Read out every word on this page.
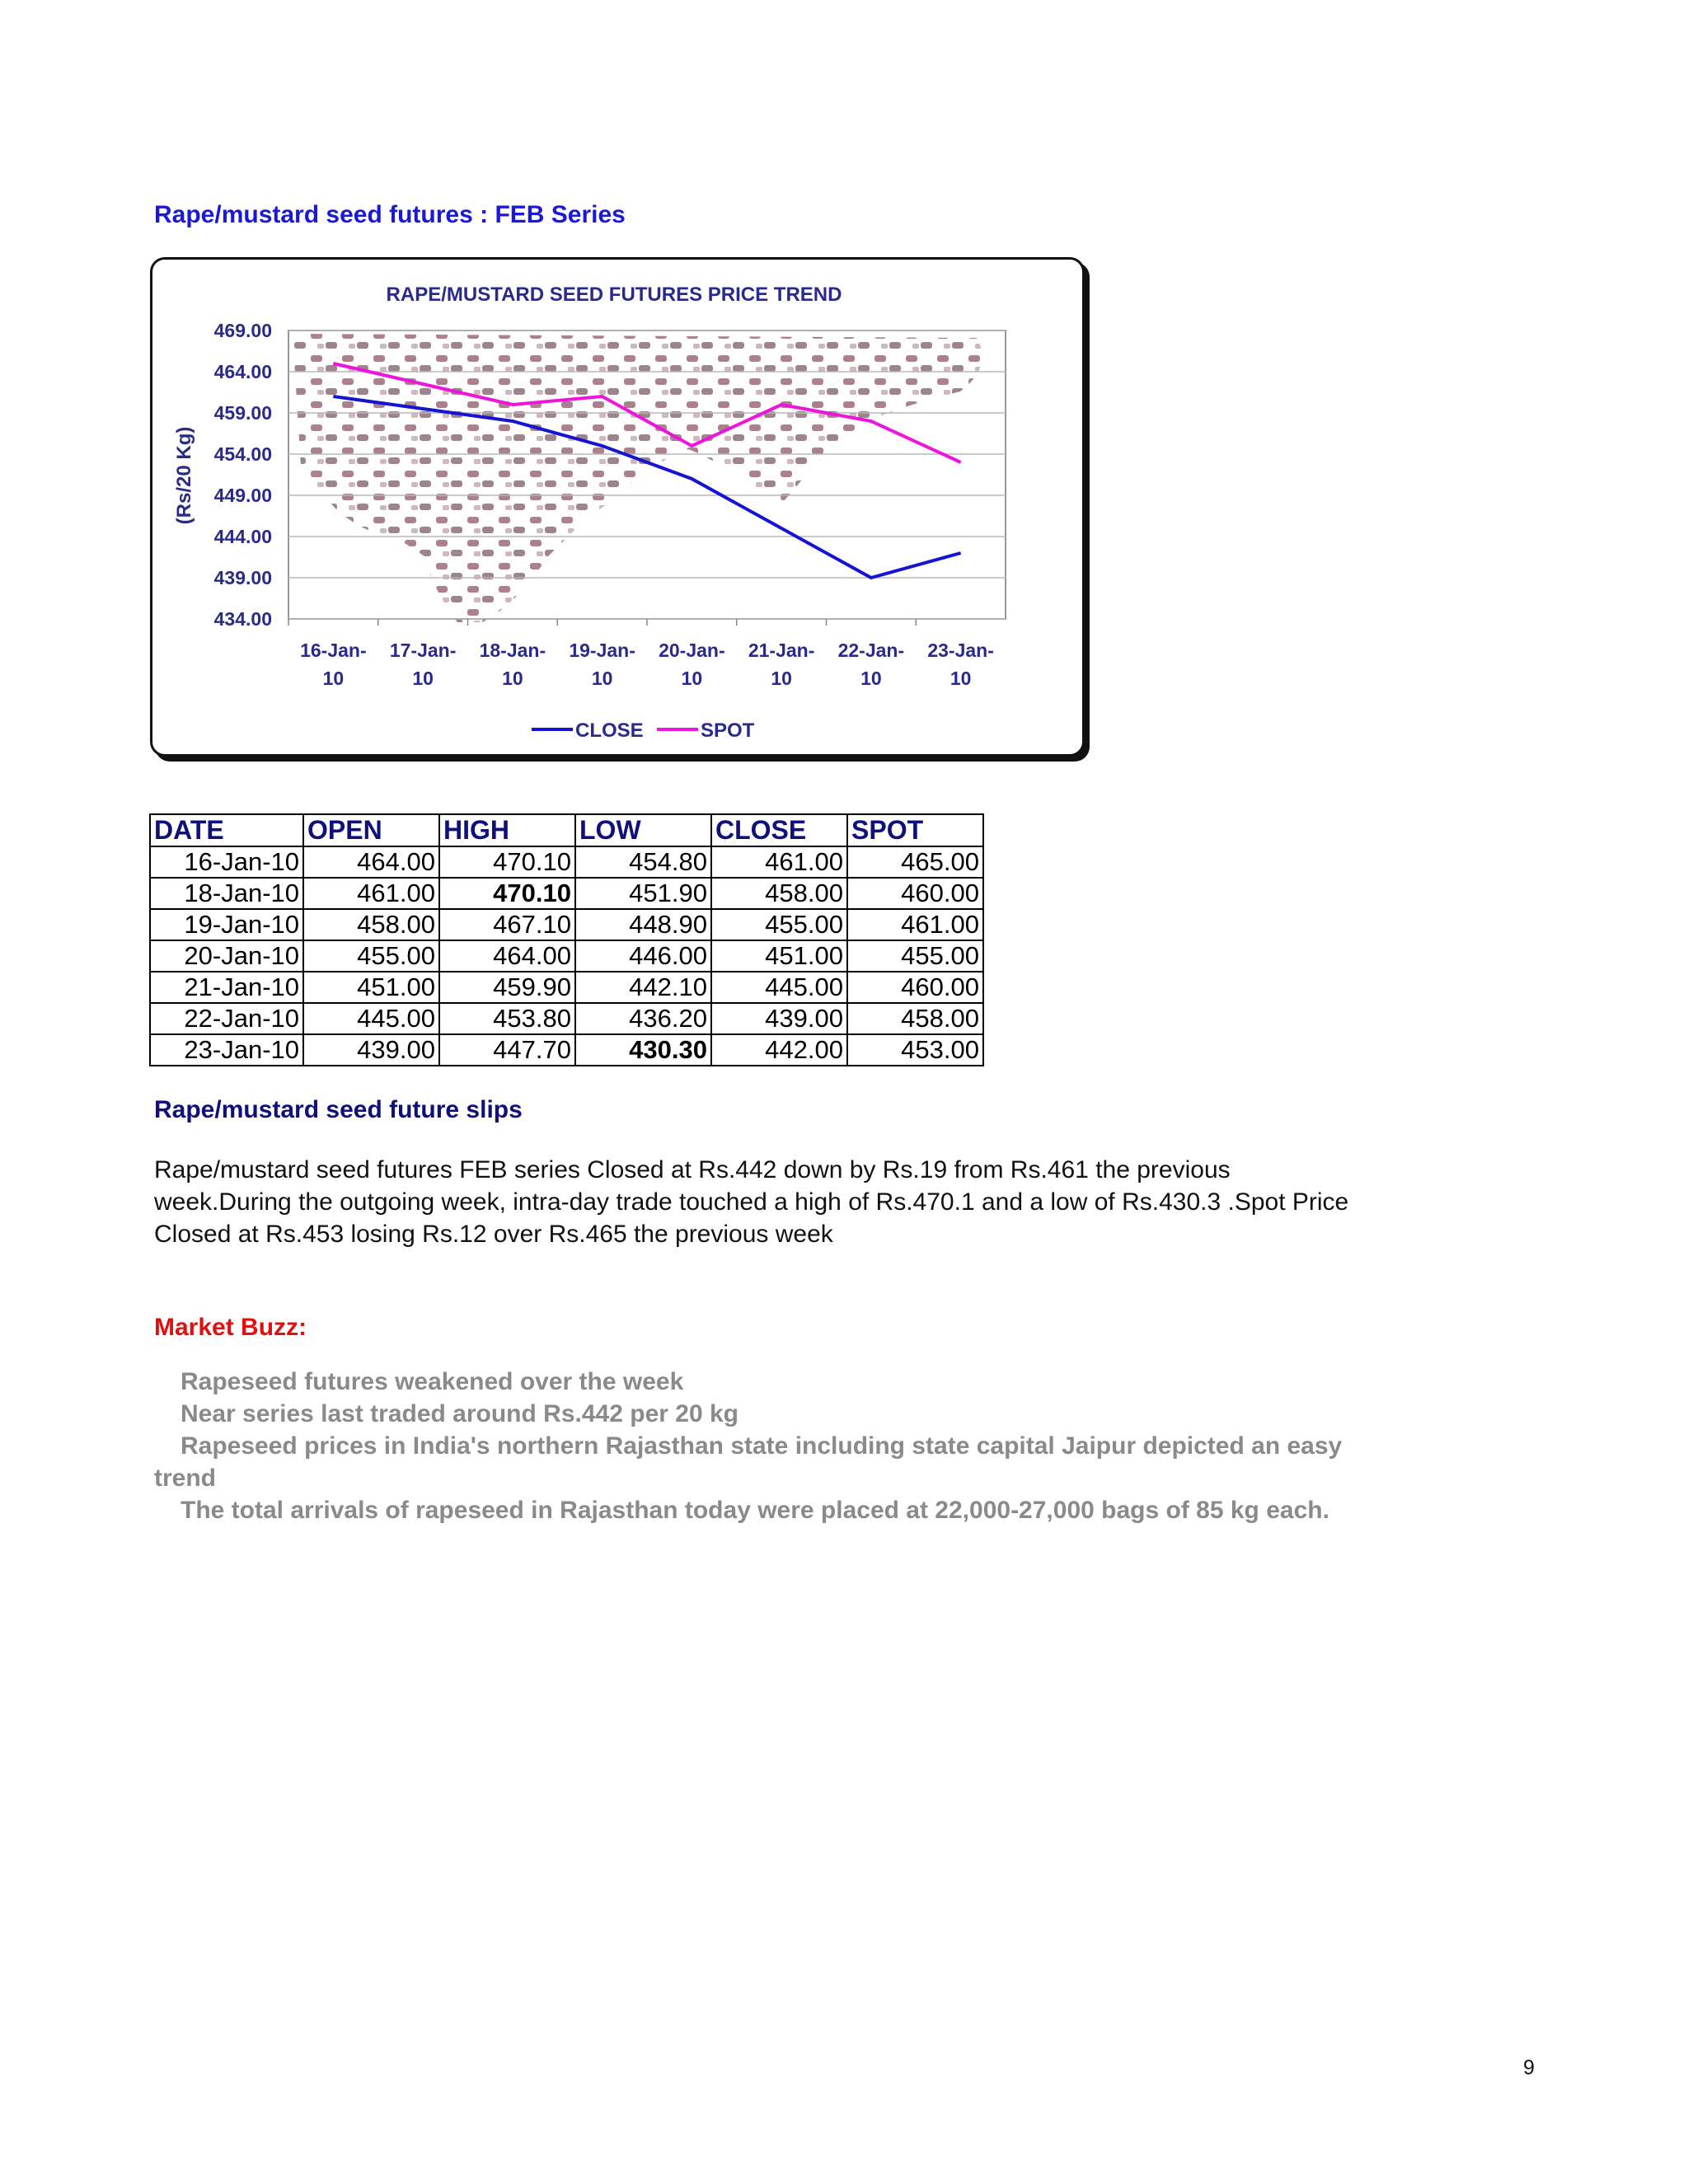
Rape/mustard seed futures : FEB Series
RAPE/MUSTARD SEED FUTURES PRICE TREND
(Rs/20 Kg)
469.00
464.00
459.00
454.00
449.00
444.00
439.00
434.00
16-Jan-
10
17-Jan-
10
18-Jan-
10
19-Jan-
10
20-Jan-
10
21-Jan-
10
22-Jan-
10
23-Jan-
10
CLOSE	SPOT
DATE	OPEN	HIGH	LOW	CLOSE	SPOT
16-Jan-10	464.00	470.10	454.80	461.00	465.00
18-Jan-10	461.00	470.10	451.90	458.00	460.00
19-Jan-10	458.00	467.10	448.90	455.00	461.00
20-Jan-10	455.00	464.00	446.00	451.00	455.00
21-Jan-10	451.00	459.90	442.10	445.00	460.00
22-Jan-10	445.00	453.80	436.20	439.00	458.00
23-Jan-10	439.00	447.70	430.30	442.00	453.00
Rape/mustard seed future slips
Rape/mustard seed futures FEB series Closed at Rs.442 down by Rs.19 from Rs.461 the previous week.During the outgoing week, intra-day trade touched a high of Rs.470.1 and a low of Rs.430.3 .Spot Price Closed at Rs.453 losing Rs.12 over Rs.465 the previous week
Market Buzz:
Rapeseed futures weakened over the week
Near series last traded around Rs.442 per 20 kg
Rapeseed prices in India's northern Rajasthan state including state capital Jaipur depicted an easy trend
The total arrivals of rapeseed in Rajasthan today were placed at 22,000-27,000 bags of 85 kg each.
9
